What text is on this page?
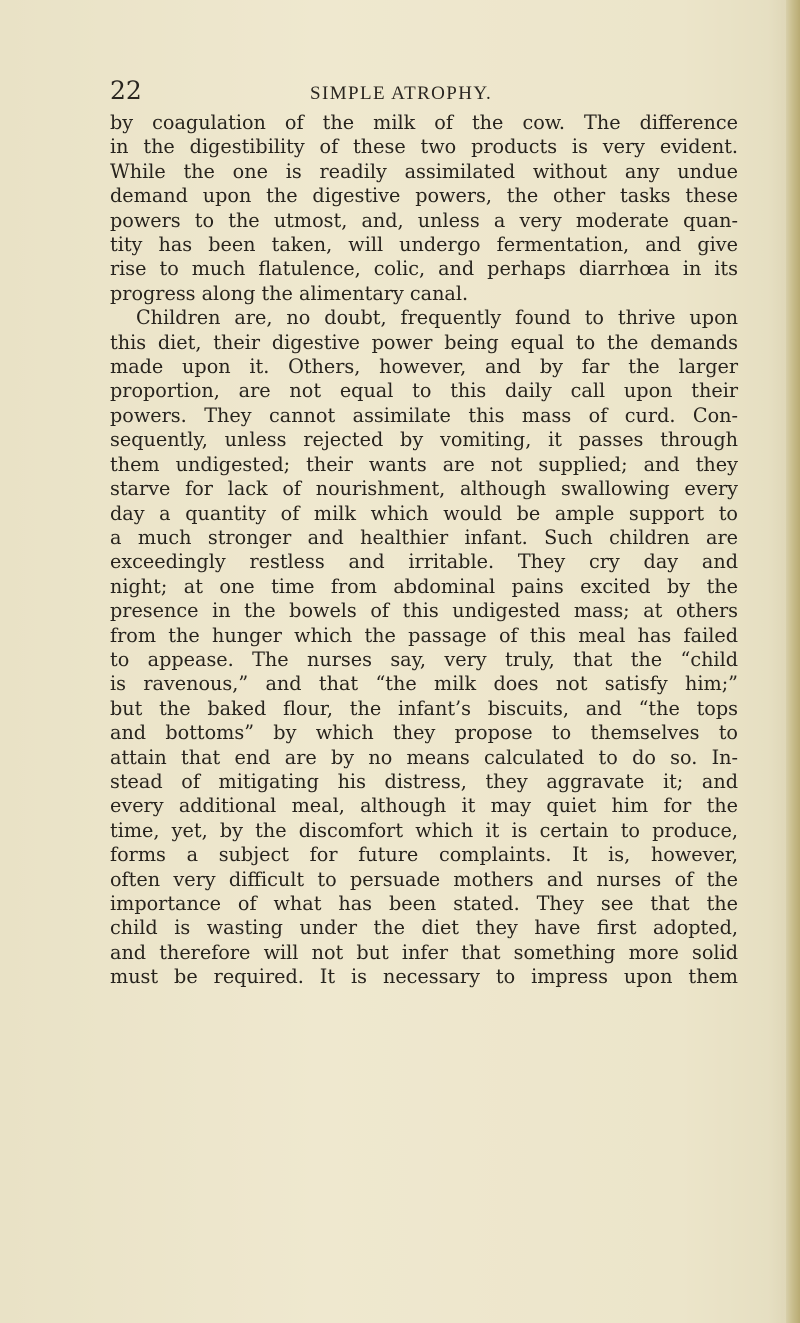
22	SIMPLE ATROPHY.
by coagulation of the milk of the cow. The difference
in the digestibility of these two products is very evident.
While the one is readily assimilated without any undue
demand upon the digestive powers, the other tasks these
powers to the utmost, and, unless a very moderate quan-
tity has been taken, will undergo fermentation, and give
rise to much flatulence, colic, and perhaps diarrhœa in its
progress along the alimentary canal.
Children are, no doubt, frequently found to thrive upon
this diet, their digestive power being equal to the demands
made upon it. Others, however, and by far the larger
proportion, are not equal to this daily call upon their
powers. They cannot assimilate this mass of curd. Con-
sequently, unless rejected by vomiting, it passes through
them undigested; their wants are not supplied; and they
starve for lack of nourishment, although swallowing every
day a quantity of milk which would be ample support to
a much stronger and healthier infant. Such children are
exceedingly restless and irritable. They cry day and
night; at one time from abdominal pains excited by the
presence in the bowels of this undigested mass; at others
from the hunger which the passage of this meal has failed
to appease. The nurses say, very truly, that the “child
is ravenous,” and that “the milk does not satisfy him;”
but the baked flour, the infant’s biscuits, and “the tops
and bottoms” by which they propose to themselves to
attain that end are by no means calculated to do so. In-
stead of mitigating his distress, they aggravate it; and
every additional meal, although it may quiet him for the
time, yet, by the discomfort which it is certain to produce,
forms a subject for future complaints. It is, however,
often very difficult to persuade mothers and nurses of the
importance of what has been stated. They see that the
child is wasting under the diet they have first adopted,
and therefore will not but infer that something more solid
must be required. It is necessary to impress upon them
